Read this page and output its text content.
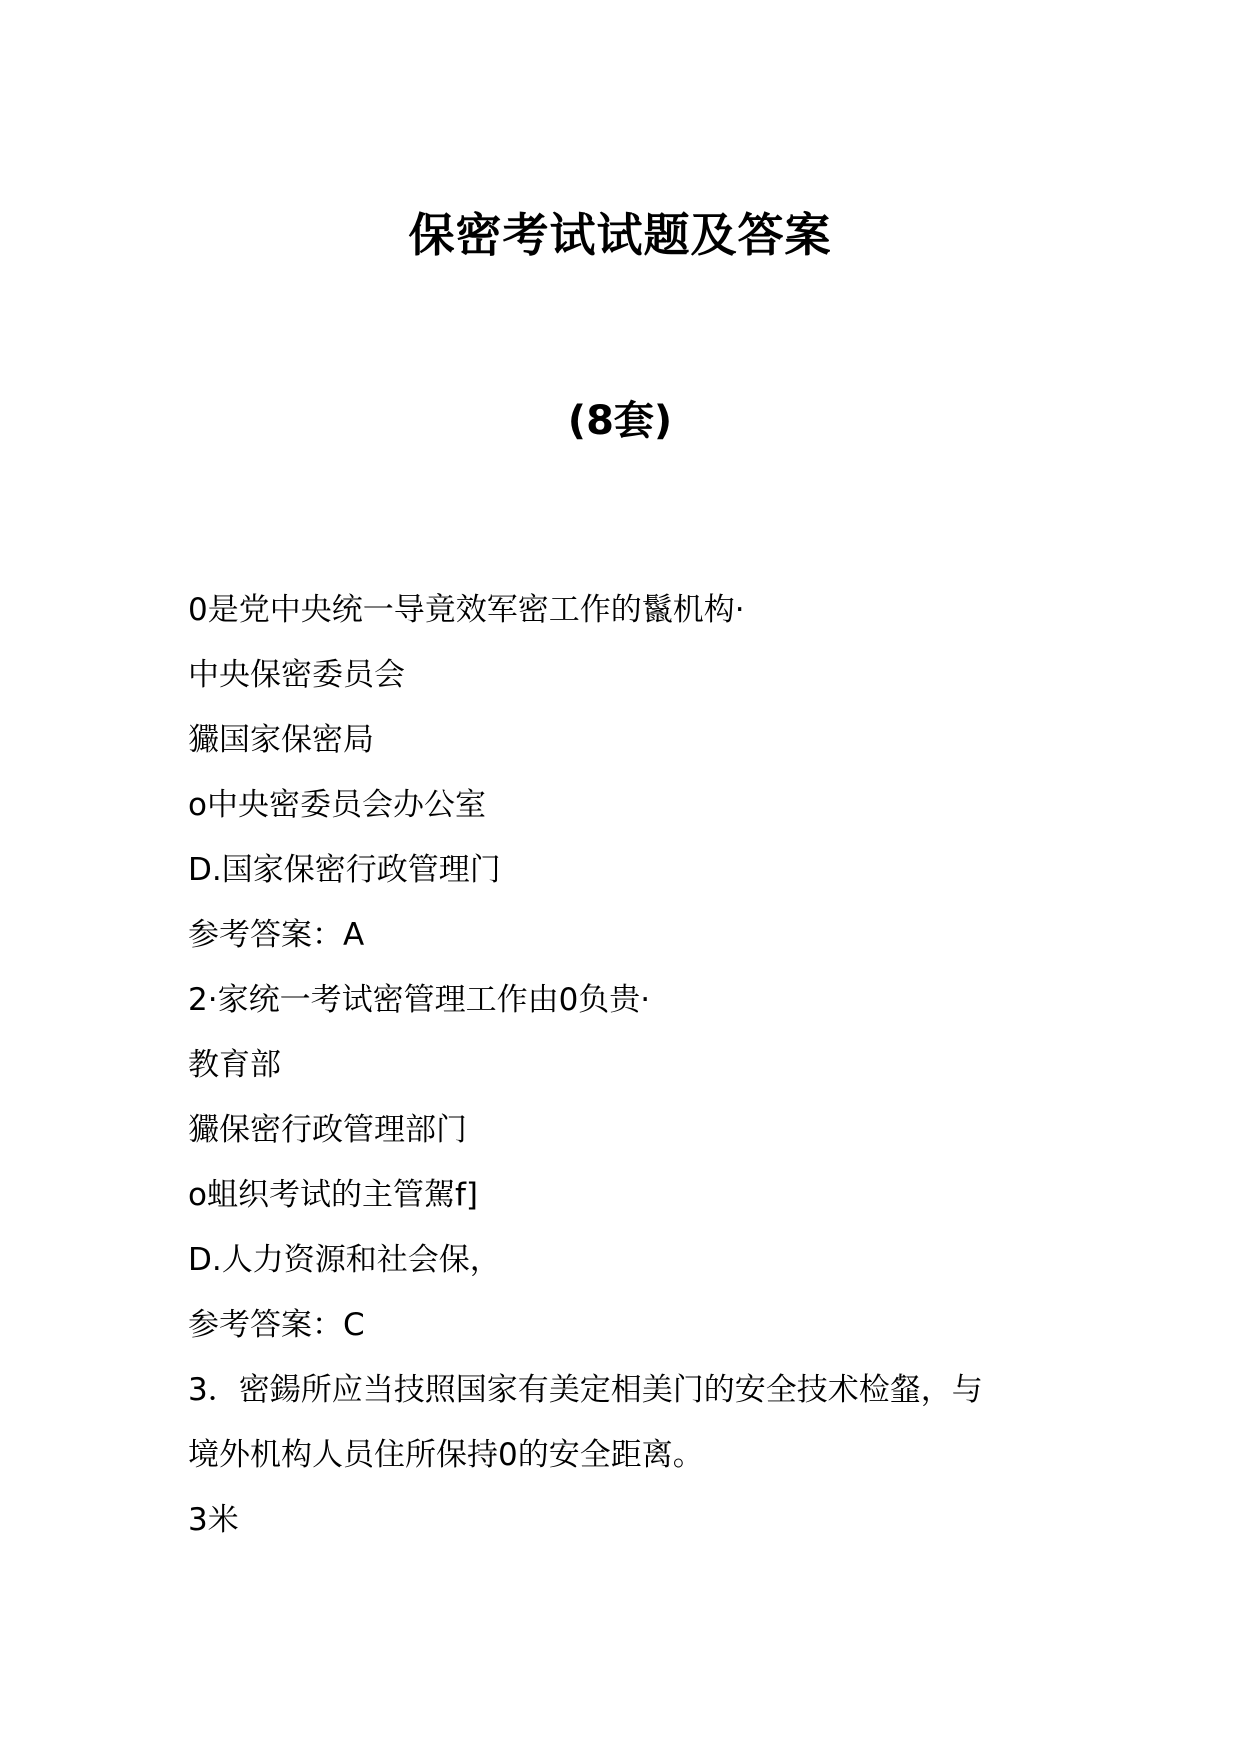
保密考试试题及答案
(8套)
0是党中央统一导竟效军密工作的鬣机构·
中央保密委员会
玁国家保密局
o中央密委员会办公室
D.国家保密行政管理门
参考答案：A
2·家统一考试密管理工作由0负贵·
教育部
玁保密行政管理部门
o蛆织考试的主管駕f]
D.人力资源和社会保，
参考答案：C
3．密鍚所应当技照国家有美定相美门的安全技术检韰，与
境外机构人员住所保持0的安全距离。
3米
